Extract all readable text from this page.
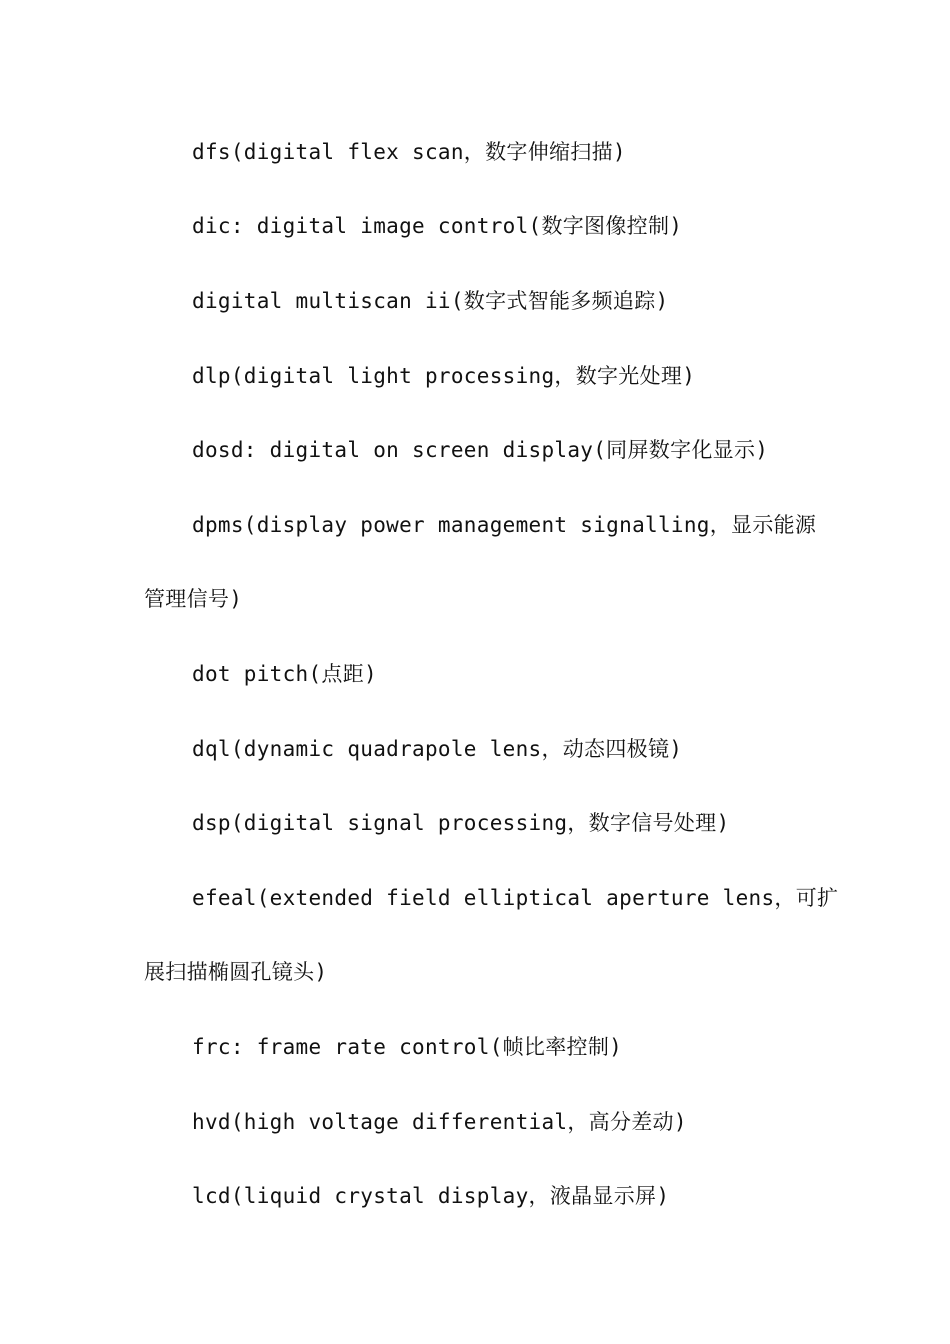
dfs(digital flex scan，数字伸缩扫描)
dic: digital image control(数字图像控制)
digital multiscan ii(数字式智能多频追踪)
dlp(digital light processing，数字光处理)
dosd: digital on screen display(同屏数字化显示)
dpms(display power management signalling，显示能源
管理信号)
dot pitch(点距)
dql(dynamic quadrapole lens，动态四极镜)
dsp(digital signal processing，数字信号处理)
efeal(extended field elliptical aperture lens，可扩
展扫描椭圆孔镜头)
frc: frame rate control(帧比率控制)
hvd(high voltage differential，高分差动)
lcd(liquid crystal display，液晶显示屏)
